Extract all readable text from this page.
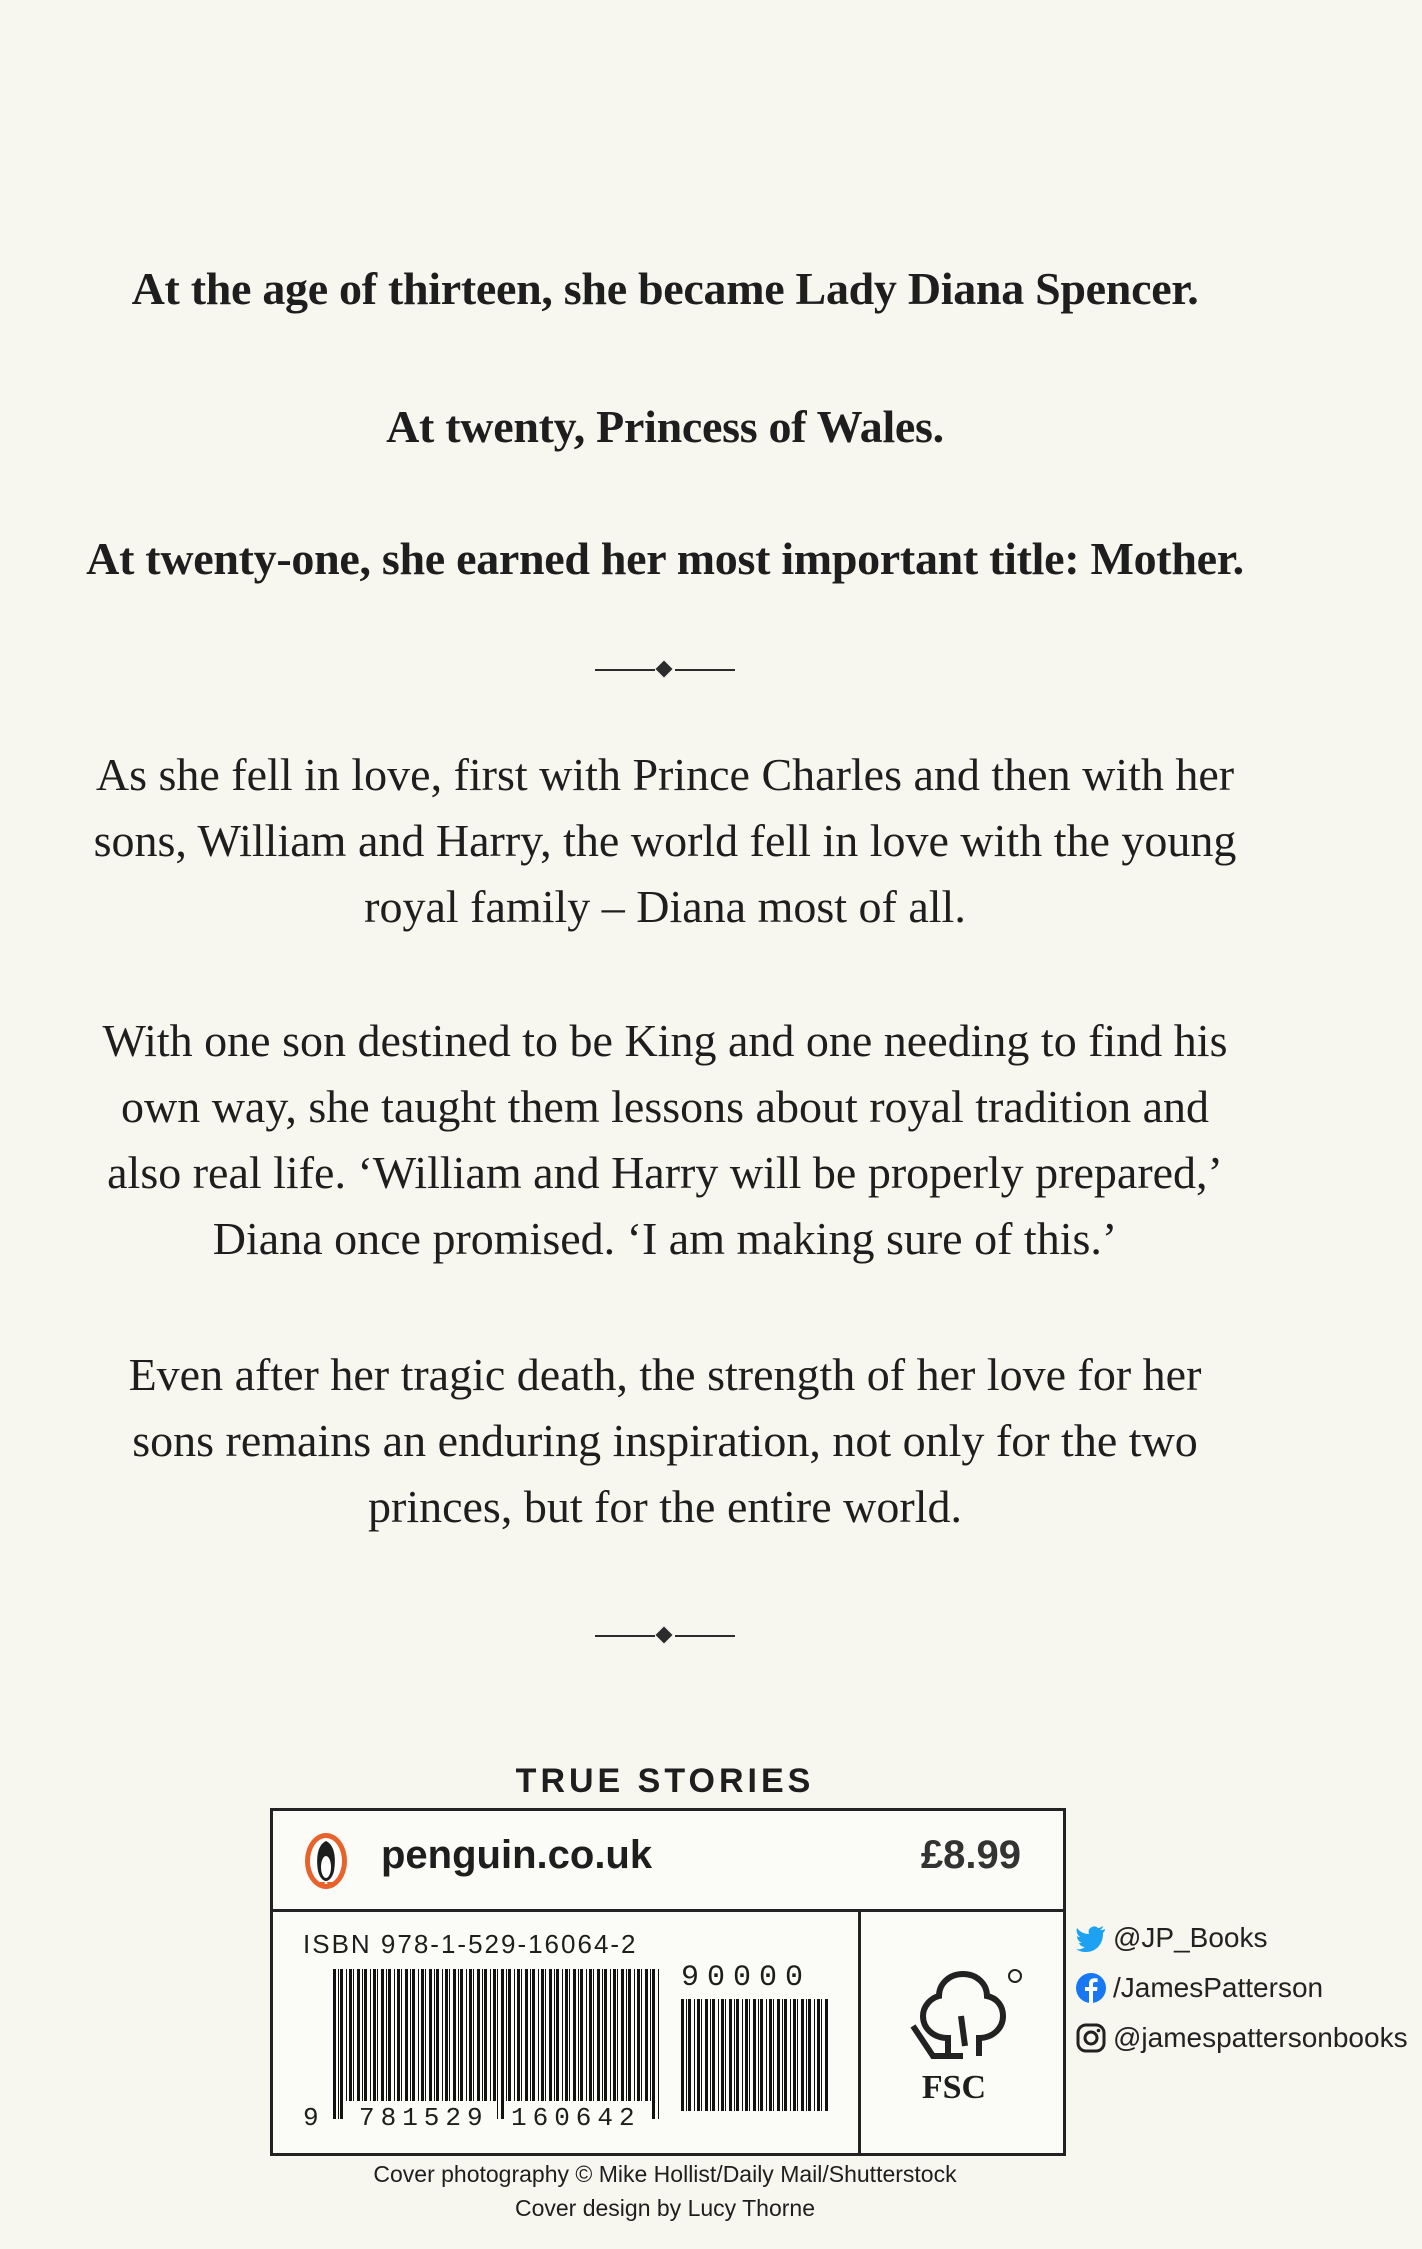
At the age of thirteen, she became Lady Diana Spencer.
At twenty, Princess of Wales.
At twenty-one, she earned her most important title: Mother.
As she fell in love, first with Prince Charles and then with her
sons, William and Harry, the world fell in love with the young
royal family – Diana most of all.
With one son destined to be King and one needing to find his
own way, she taught them lessons about royal tradition and
also real life. ‘William and Harry will be properly prepared,’
Diana once promised. ‘I am making sure of this.’
Even after her tragic death, the strength of her love for her
sons remains an enduring inspiration, not only for the two
princes, but for the entire world.
TRUE STORIES
penguin.co.uk	£8.99
ISBN 978-1-529-16064-2
9 781529 160642
90000
FSC
@JP_Books
/JamesPatterson
@jamespattersonbooks
Cover photography © Mike Hollist/Daily Mail/Shutterstock
Cover design by Lucy Thorne
